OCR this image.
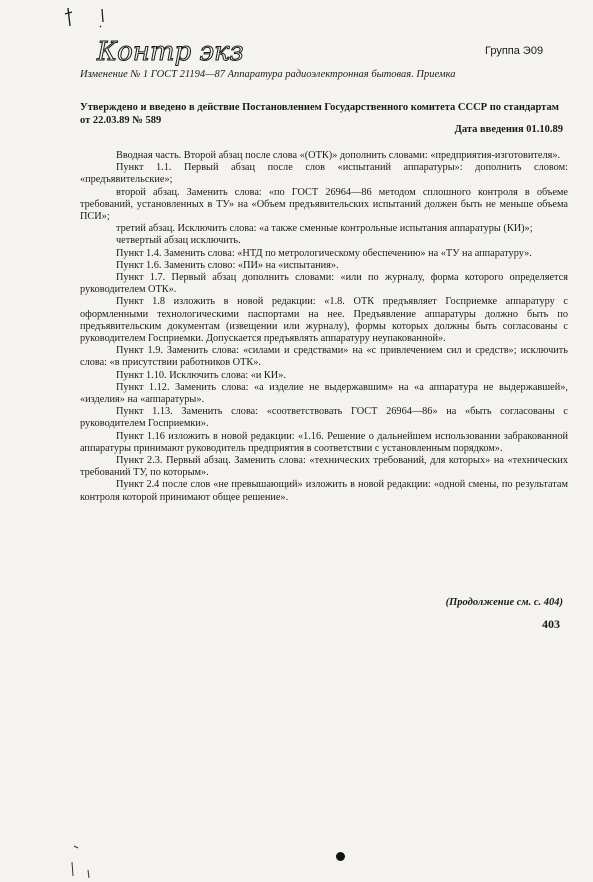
Контр экз	Группа Э09
Изменение № 1 ГОСТ 21194—87 Аппаратура радиоэлектронная бытовая. Приемка
Утверждено и введено в действие Постановлением Государственного комитета СССР по стандартам от 22.03.89 № 589
Дата введения 01.10.89

Вводная часть. Второй абзац после слова «(ОТК)» дополнить словами: «предприятия-изготовителя».

Пункт 1.1. Первый абзац после слов «испытаний аппаратуры»: дополнить словом: «предъявительские»;

второй абзац. Заменить слова: «по ГОСТ 26964—86 методом сплошного контроля в объеме требований, установленных в ТУ» на «Объем предъявительских испытаний должен быть не меньше объема ПСИ»;

третий абзац. Исключить слова: «а также сменные контрольные испытания аппаратуры (КИ)»;

четвертый абзац исключить.

Пункт 1.4. Заменить слова: «НТД по метрологическому обеспечению» на «ТУ на аппаратуру».

Пункт 1.6. Заменить слово: «ПИ» на «испытания».

Пункт 1.7. Первый абзац дополнить словами: «или по журналу, форма которого определяется руководителем ОТК».

Пункт 1.8 изложить в новой редакции: «1.8. ОТК предъявляет Госприемке аппаратуру с оформленными технологическими паспортами на нее. Предъявление аппаратуры должно быть по предъявительским документам (извещении или журналу), формы которых должны быть согласованы с руководителем Госприемки. Допускается предъявлять аппаратуру неупакованной».

Пункт 1.9. Заменить слова: «силами и средствами» на «с привлечением сил и средств»; исключить слова: «в присутствии работников ОТК».

Пункт 1.10. Исключить слова: «и КИ».

Пункт 1.12. Заменить слова: «а изделие не выдержавшим» на «а аппаратура не выдержавшей», «изделия» на «аппаратуры».

Пункт 1.13. Заменить слова: «соответствовать ГОСТ 26964—86» на «быть согласованы с руководителем Госприемки».

Пункт 1.16 изложить в новой редакции: «1.16. Решение о дальнейшем использовании забракованной аппаратуры принимают руководитель предприятия в соответствии с установленным порядком».

Пункт 2.3. Первый абзац. Заменить слова: «технических требований, для которых» на «технических требований ТУ, по которым».

Пункт 2.4 после слов «не превышающий» изложить в новой редакции: «одной смены, по результатам контроля которой принимают общее решение».

(Продолжение см. с. 404)
403
